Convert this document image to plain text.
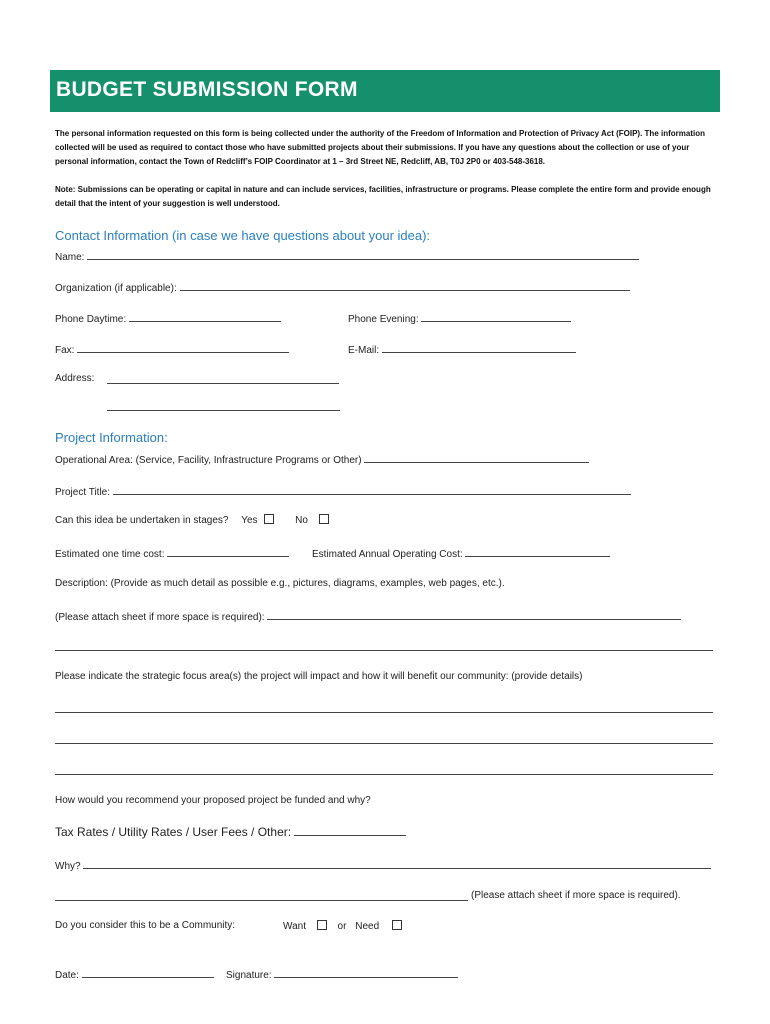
BUDGET SUBMISSION FORM
The personal information requested on this form is being collected under the authority of the Freedom of Information and Protection of Privacy Act (FOIP). The information collected will be used as required to contact those who have submitted projects about their submissions. If you have any questions about the collection or use of your personal information, contact the Town of Redcliff’s FOIP Coordinator at 1 – 3rd Street NE, Redcliff, AB, T0J 2P0 or 403-548-3618.
Note: Submissions can be operating or capital in nature and can include services, facilities, infrastructure or programs. Please complete the entire form and provide enough detail that the intent of your suggestion is well understood.
Contact Information (in case we have questions about your idea):
Name:
Organization (if applicable):
Phone Daytime:	Phone Evening:
Fax:	E-Mail:
Address:
Project Information:
Operational Area: (Service, Facility, Infrastructure Programs or Other)
Project Title:
Can this idea be undertaken in stages? Yes	No
Estimated one time cost:	Estimated Annual Operating Cost:
Description: (Provide as much detail as possible e.g., pictures, diagrams, examples, web pages, etc.).
(Please attach sheet if more space is required):
Please indicate the strategic focus area(s) the project will impact and how it will benefit our community: (provide details)
How would you recommend your proposed project be funded and why?
Tax Rates / Utility Rates / User Fees / Other:
Why?
(Please attach sheet if more space is required).
Do you consider this to be a Community:	Want	or Need
Date:	Signature:
